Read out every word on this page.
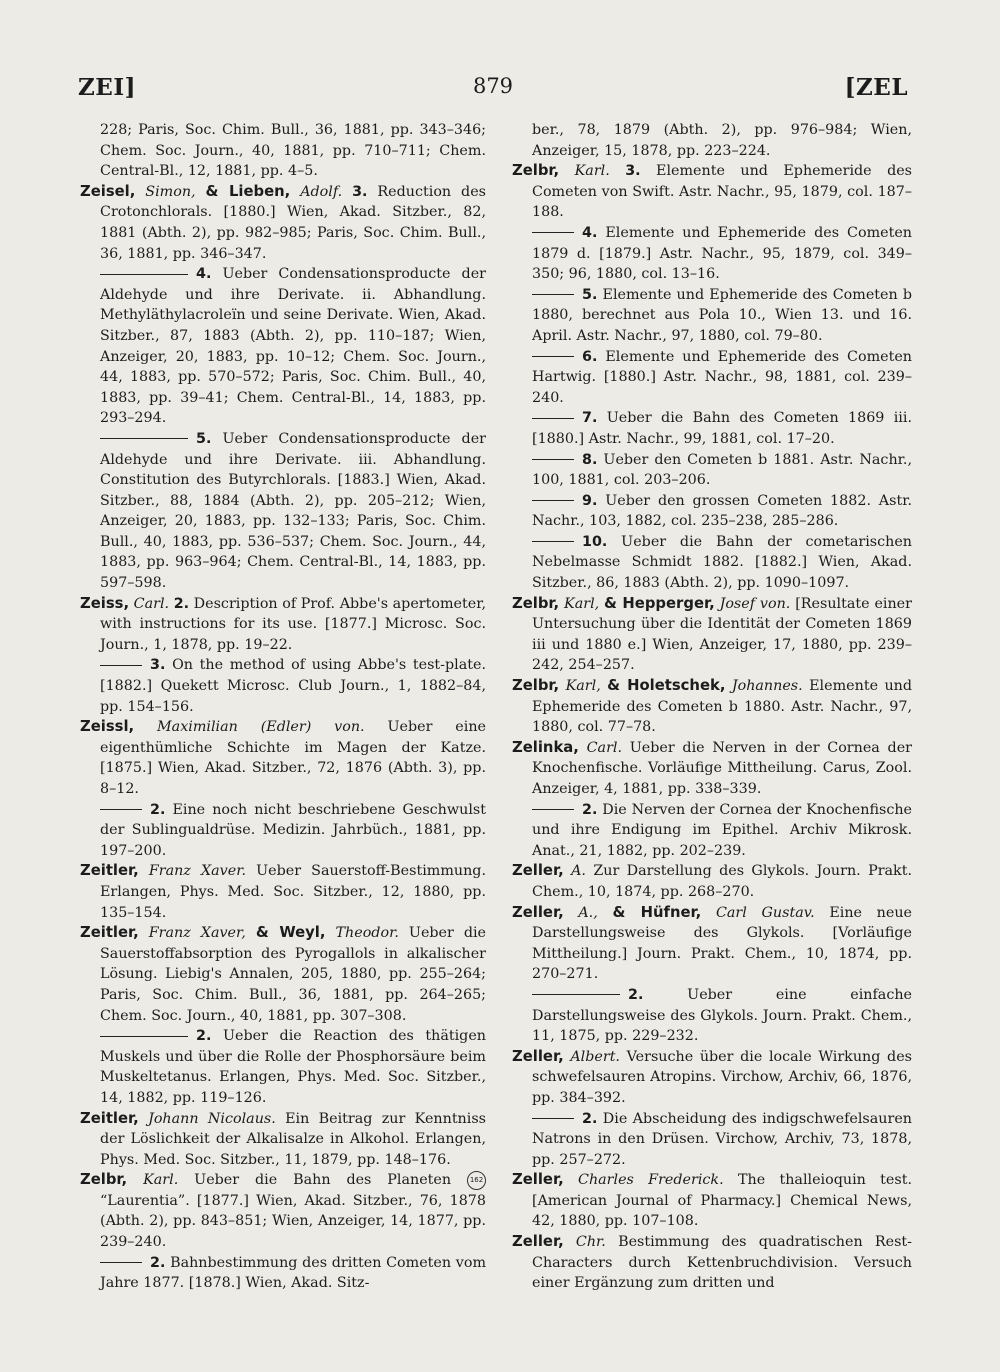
ZEI]	879	[ZEL

228; Paris, Soc. Chim. Bull., 36, 1881, pp. 343–346; Chem. Soc. Journ., 40, 1881, pp. 710–711; Chem. Central-Bl., 12, 1881, pp. 4–5.

Zeisel, Simon, & Lieben, Adolf. 3. Reduction des Crotonchlorals. [1880.] Wien, Akad. Sitzber., 82, 1881 (Abth. 2), pp. 982–985; Paris, Soc. Chim. Bull., 36, 1881, pp. 346–347.

4. Ueber Condensationsproducte der Aldehyde und ihre Derivate. ii. Abhandlung. Methyläthylacroleïn und seine Derivate. Wien, Akad. Sitzber., 87, 1883 (Abth. 2), pp. 110–187; Wien, Anzeiger, 20, 1883, pp. 10–12; Chem. Soc. Journ., 44, 1883, pp. 570–572; Paris, Soc. Chim. Bull., 40, 1883, pp. 39–41; Chem. Central-Bl., 14, 1883, pp. 293–294.

5. Ueber Condensationsproducte der Aldehyde und ihre Derivate. iii. Abhandlung. Constitution des Butyrchlorals. [1883.] Wien, Akad. Sitzber., 88, 1884 (Abth. 2), pp. 205–212; Wien, Anzeiger, 20, 1883, pp. 132–133; Paris, Soc. Chim. Bull., 40, 1883, pp. 536–537; Chem. Soc. Journ., 44, 1883, pp. 963–964; Chem. Central-Bl., 14, 1883, pp. 597–598.

Zeiss, Carl. 2. Description of Prof. Abbe's apertometer, with instructions for its use. [1877.] Microsc. Soc. Journ., 1, 1878, pp. 19–22.

3. On the method of using Abbe's test-plate. [1882.] Quekett Microsc. Club Journ., 1, 1882–84, pp. 154–156.

Zeissl, Maximilian (Edler) von. Ueber eine eigenthümliche Schichte im Magen der Katze. [1875.] Wien, Akad. Sitzber., 72, 1876 (Abth. 3), pp. 8–12.

2. Eine noch nicht beschriebene Geschwulst der Sublingualdrüse. Medizin. Jahrbüch., 1881, pp. 197–200.

Zeitler, Franz Xaver. Ueber Sauerstoff-Bestimmung. Erlangen, Phys. Med. Soc. Sitzber., 12, 1880, pp. 135–154.

Zeitler, Franz Xaver, & Weyl, Theodor. Ueber die Sauerstoffabsorption des Pyrogallols in alkalischer Lösung. Liebig's Annalen, 205, 1880, pp. 255–264; Paris, Soc. Chim. Bull., 36, 1881, pp. 264–265; Chem. Soc. Journ., 40, 1881, pp. 307–308.

2. Ueber die Reaction des thätigen Muskels und über die Rolle der Phosphorsäure beim Muskeltetanus. Erlangen, Phys. Med. Soc. Sitzber., 14, 1882, pp. 119–126.

Zeitler, Johann Nicolaus. Ein Beitrag zur Kenntniss der Löslichkeit der Alkalisalze in Alkohol. Erlangen, Phys. Med. Soc. Sitzber., 11, 1879, pp. 148–176.

Zelbr, Karl. Ueber die Bahn des Planeten	162 “Laurentia”. [1877.] Wien, Akad. Sitzber., 76, 1878 (Abth. 2), pp. 843–851; Wien, Anzeiger, 14, 1877, pp. 239–240.

2. Bahnbestimmung des dritten Cometen vom Jahre 1877. [1878.] Wien, Akad. Sitz-

ber., 78, 1879 (Abth. 2), pp. 976–984; Wien, Anzeiger, 15, 1878, pp. 223–224.

Zelbr, Karl. 3. Elemente und Ephemeride des Cometen von Swift. Astr. Nachr., 95, 1879, col. 187–188.

4. Elemente und Ephemeride des Cometen 1879 d. [1879.] Astr. Nachr., 95, 1879, col. 349–350; 96, 1880, col. 13–16.

5. Elemente und Ephemeride des Cometen b 1880, berechnet aus Pola 10., Wien 13. und 16. April. Astr. Nachr., 97, 1880, col. 79–80.

6. Elemente und Ephemeride des Cometen Hartwig. [1880.] Astr. Nachr., 98, 1881, col. 239–240.

7. Ueber die Bahn des Cometen 1869 iii. [1880.] Astr. Nachr., 99, 1881, col. 17–20.

8. Ueber den Cometen b 1881. Astr. Nachr., 100, 1881, col. 203–206.

9. Ueber den grossen Cometen 1882. Astr. Nachr., 103, 1882, col. 235–238, 285–286.

10. Ueber die Bahn der cometarischen Nebelmasse Schmidt 1882. [1882.] Wien, Akad. Sitzber., 86, 1883 (Abth. 2), pp. 1090–1097.

Zelbr, Karl, & Hepperger, Josef von. [Resultate einer Untersuchung über die Identität der Cometen 1869 iii und 1880 e.] Wien, Anzeiger, 17, 1880, pp. 239–242, 254–257.

Zelbr, Karl, & Holetschek, Johannes. Elemente und Ephemeride des Cometen b 1880. Astr. Nachr., 97, 1880, col. 77–78.

Zelinka, Carl. Ueber die Nerven in der Cornea der Knochenfische. Vorläufige Mittheilung. Carus, Zool. Anzeiger, 4, 1881, pp. 338–339.

2. Die Nerven der Cornea der Knochenfische und ihre Endigung im Epithel. Archiv Mikrosk. Anat., 21, 1882, pp. 202–239.

Zeller, A. Zur Darstellung des Glykols. Journ. Prakt. Chem., 10, 1874, pp. 268–270.

Zeller, A., & Hüfner, Carl Gustav. Eine neue Darstellungsweise des Glykols. [Vorläufige Mittheilung.] Journ. Prakt. Chem., 10, 1874, pp. 270–271.

2.	Ueber eine einfache Darstellungsweise des Glykols. Journ. Prakt. Chem., 11, 1875, pp. 229–232.

Zeller, Albert. Versuche über die locale Wirkung des schwefelsauren Atropins. Virchow, Archiv, 66, 1876, pp. 384–392.

2. Die Abscheidung des indigschwefelsauren Natrons in den Drüsen. Virchow, Archiv, 73, 1878, pp. 257–272.

Zeller, Charles Frederick. The thalleioquin test. [American Journal of Pharmacy.] Chemical News, 42, 1880, pp. 107–108.

Zeller, Chr. Bestimmung des quadratischen Rest-Characters durch Kettenbruchdivision. Versuch einer Ergänzung zum dritten und
